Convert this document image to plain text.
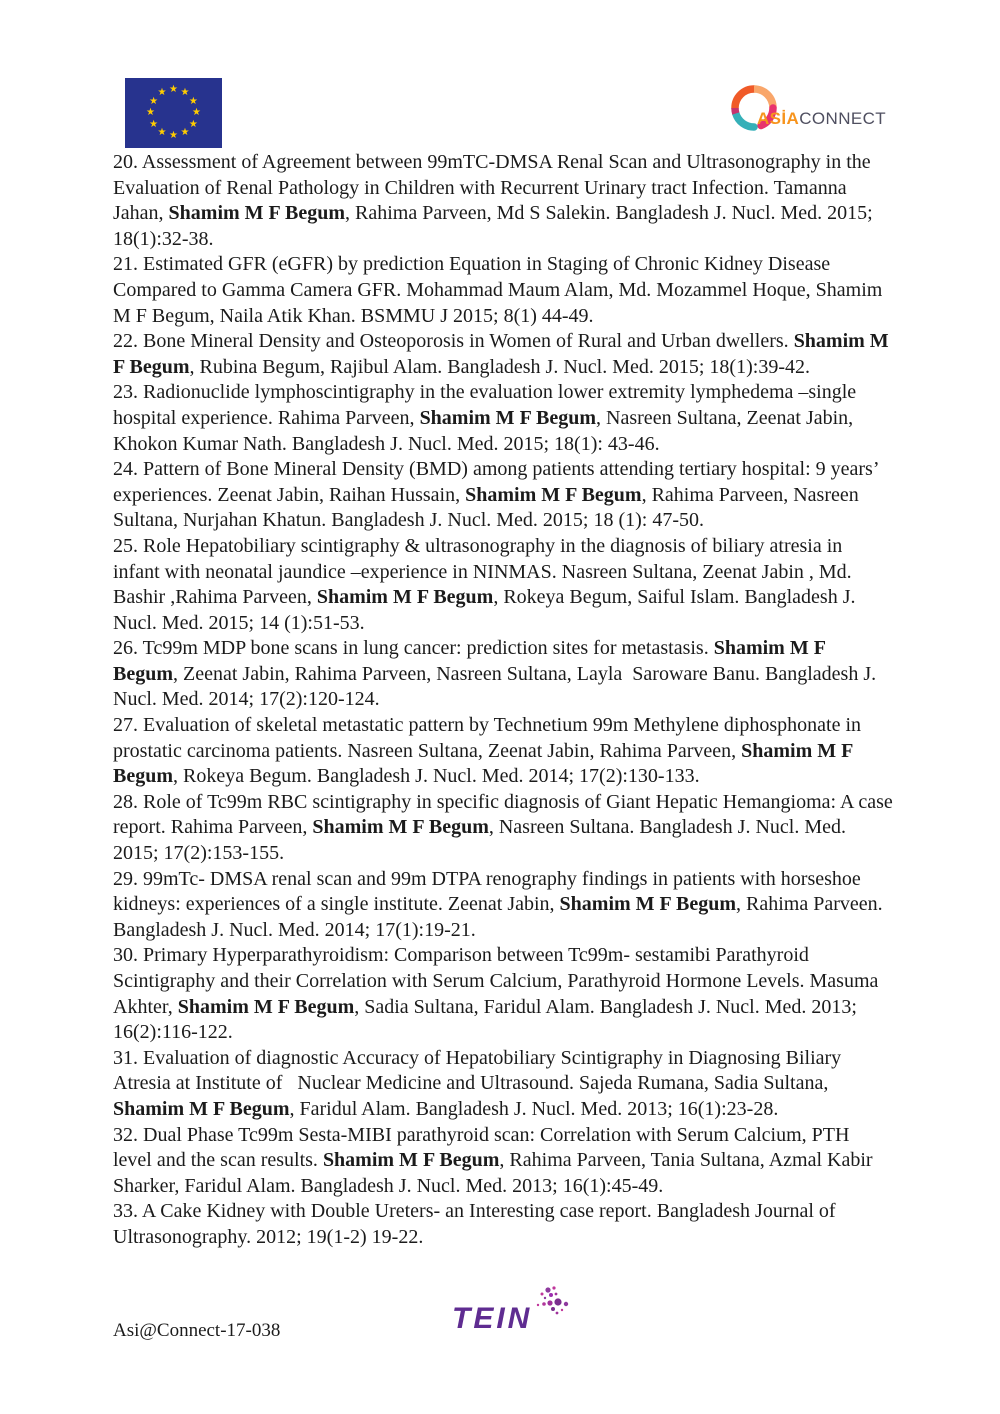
★ ★
★
★
★
★
★
★
★
★
★
★
ASİACONNECT

20. Assessment of Agreement between 99mTC-DMSA Renal Scan and Ultrasonography in the Evaluation of Renal Pathology in Children with Recurrent Urinary tract Infection. Tamanna Jahan, Shamim M F Begum, Rahima Parveen, Md S Salekin. Bangladesh J. Nucl. Med. 2015; 18(1):32-38.

21. Estimated GFR (eGFR) by prediction Equation in Staging of Chronic Kidney Disease Compared to Gamma Camera GFR. Mohammad Maum Alam, Md. Mozammel Hoque, Shamim M F Begum, Naila Atik Khan. BSMMU J 2015; 8(1) 44-49.

22. Bone Mineral Density and Osteoporosis in Women of Rural and Urban dwellers. Shamim M F Begum, Rubina Begum, Rajibul Alam. Bangladesh J. Nucl. Med. 2015; 18(1):39-42.

23. Radionuclide lymphoscintigraphy in the evaluation lower extremity lymphedema –single hospital experience. Rahima Parveen, Shamim M F Begum, Nasreen Sultana, Zeenat Jabin, Khokon Kumar Nath. Bangladesh J. Nucl. Med. 2015; 18(1): 43-46.

24. Pattern of Bone Mineral Density (BMD) among patients attending tertiary hospital: 9 years’ experiences. Zeenat Jabin, Raihan Hussain, Shamim M F Begum, Rahima Parveen, Nasreen Sultana, Nurjahan Khatun. Bangladesh J. Nucl. Med. 2015; 18 (1): 47-50.

25. Role Hepatobiliary scintigraphy & ultrasonography in the diagnosis of biliary atresia in infant with neonatal jaundice –experience in NINMAS. Nasreen Sultana, Zeenat Jabin , Md. Bashir ,Rahima Parveen, Shamim M F Begum, Rokeya Begum, Saiful Islam. Bangladesh J. Nucl. Med. 2015; 14 (1):51-53.

26. Tc99m MDP bone scans in lung cancer: prediction sites for metastasis. Shamim M F Begum, Zeenat Jabin, Rahima Parveen, Nasreen Sultana, Layla  Saroware Banu. Bangladesh J. Nucl. Med. 2014; 17(2):120-124.

27. Evaluation of skeletal metastatic pattern by Technetium 99m Methylene diphosphonate in prostatic carcinoma patients. Nasreen Sultana, Zeenat Jabin, Rahima Parveen, Shamim M F Begum, Rokeya Begum. Bangladesh J. Nucl. Med. 2014; 17(2):130-133.

28. Role of Tc99m RBC scintigraphy in specific diagnosis of Giant Hepatic Hemangioma: A case report. Rahima Parveen, Shamim M F Begum, Nasreen Sultana. Bangladesh J. Nucl. Med. 2015; 17(2):153-155.

29. 99mTc- DMSA renal scan and 99m DTPA renography findings in patients with horseshoe kidneys: experiences of a single institute. Zeenat Jabin, Shamim M F Begum, Rahima Parveen. Bangladesh J. Nucl. Med. 2014; 17(1):19-21.

30. Primary Hyperparathyroidism: Comparison between Tc99m- sestamibi Parathyroid Scintigraphy and their Correlation with Serum Calcium, Parathyroid Hormone Levels. Masuma Akhter, Shamim M F Begum, Sadia Sultana, Faridul Alam. Bangladesh J. Nucl. Med. 2013; 16(2):116-122.

31. Evaluation of diagnostic Accuracy of Hepatobiliary Scintigraphy in Diagnosing Biliary Atresia at Institute of   Nuclear Medicine and Ultrasound. Sajeda Rumana, Sadia Sultana, Shamim M F Begum, Faridul Alam. Bangladesh J. Nucl. Med. 2013; 16(1):23-28.

32. Dual Phase Tc99m Sesta-MIBI parathyroid scan: Correlation with Serum Calcium, PTH level and the scan results. Shamim M F Begum, Rahima Parveen, Tania Sultana, Azmal Kabir Sharker, Faridul Alam. Bangladesh J. Nucl. Med. 2013; 16(1):45-49.

33. A Cake Kidney with Double Ureters- an Interesting case report. Bangladesh Journal of Ultrasonography. 2012; 19(1-2) 19-22.

Asi@Connect-17-038	TEIN
